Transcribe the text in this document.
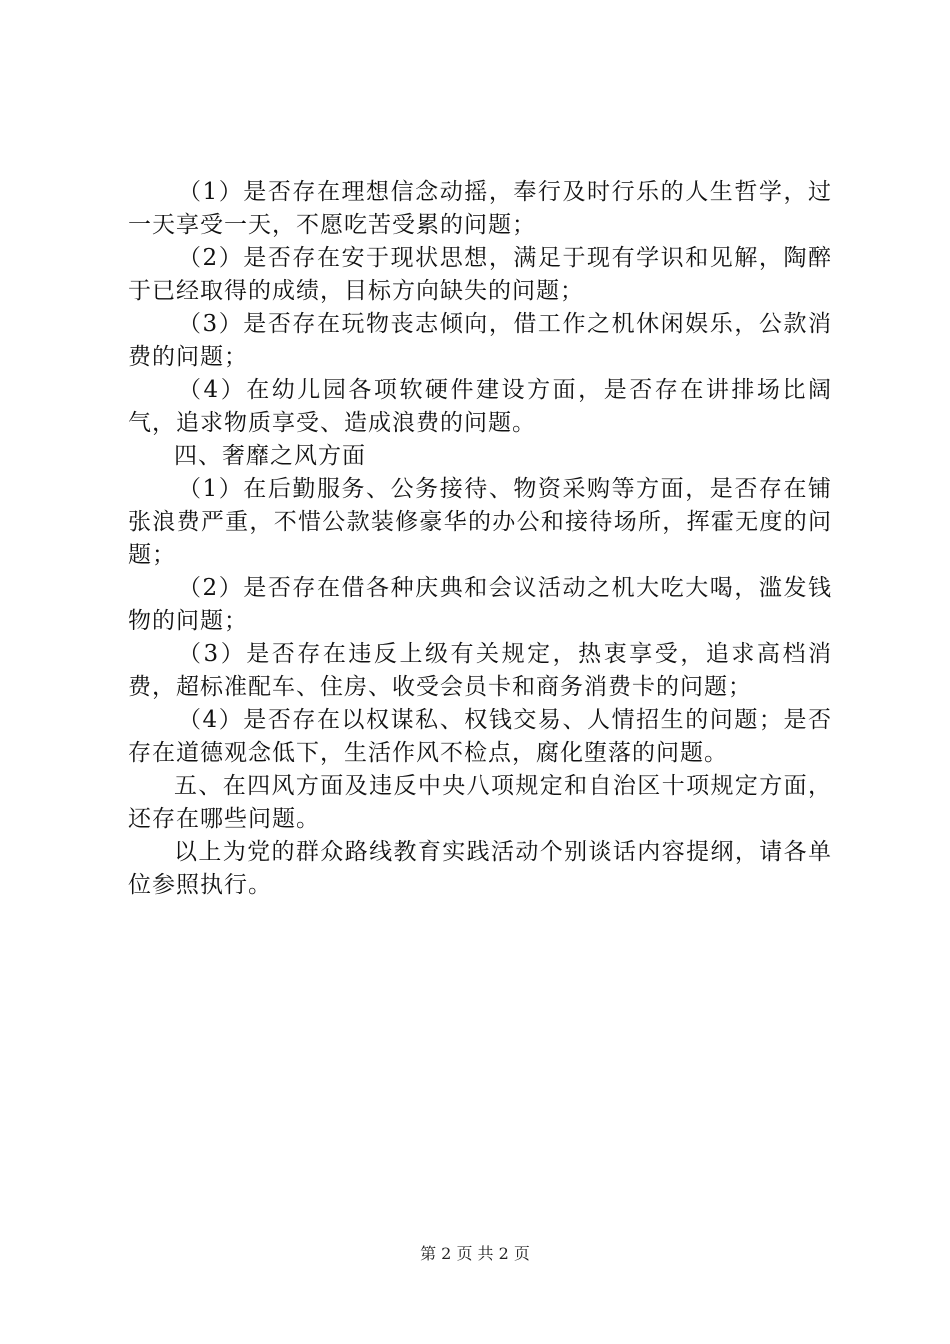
（1）是否存在理想信念动摇，奉行及时行乐的人生哲学，过一天享受一天，不愿吃苦受累的问题；

（2）是否存在安于现状思想，满足于现有学识和见解，陶醉于已经取得的成绩，目标方向缺失的问题；

（3）是否存在玩物丧志倾向，借工作之机休闲娱乐，公款消费的问题；

（4）在幼儿园各项软硬件建设方面，是否存在讲排场比阔气，追求物质享受、造成浪费的问题。

四、奢靡之风方面

（1）在后勤服务、公务接待、物资采购等方面，是否存在铺张浪费严重，不惜公款装修豪华的办公和接待场所，挥霍无度的问题；

（2）是否存在借各种庆典和会议活动之机大吃大喝，滥发钱物的问题；

（3）是否存在违反上级有关规定，热衷享受，追求高档消费，超标准配车、住房、收受会员卡和商务消费卡的问题；

（4）是否存在以权谋私、权钱交易、人情招生的问题；是否存在道德观念低下，生活作风不检点，腐化堕落的问题。

五、在四风方面及违反中央八项规定和自治区十项规定方面，还存在哪些问题。

以上为党的群众路线教育实践活动个别谈话内容提纲，请各单位参照执行。

第 2 页 共 2 页
